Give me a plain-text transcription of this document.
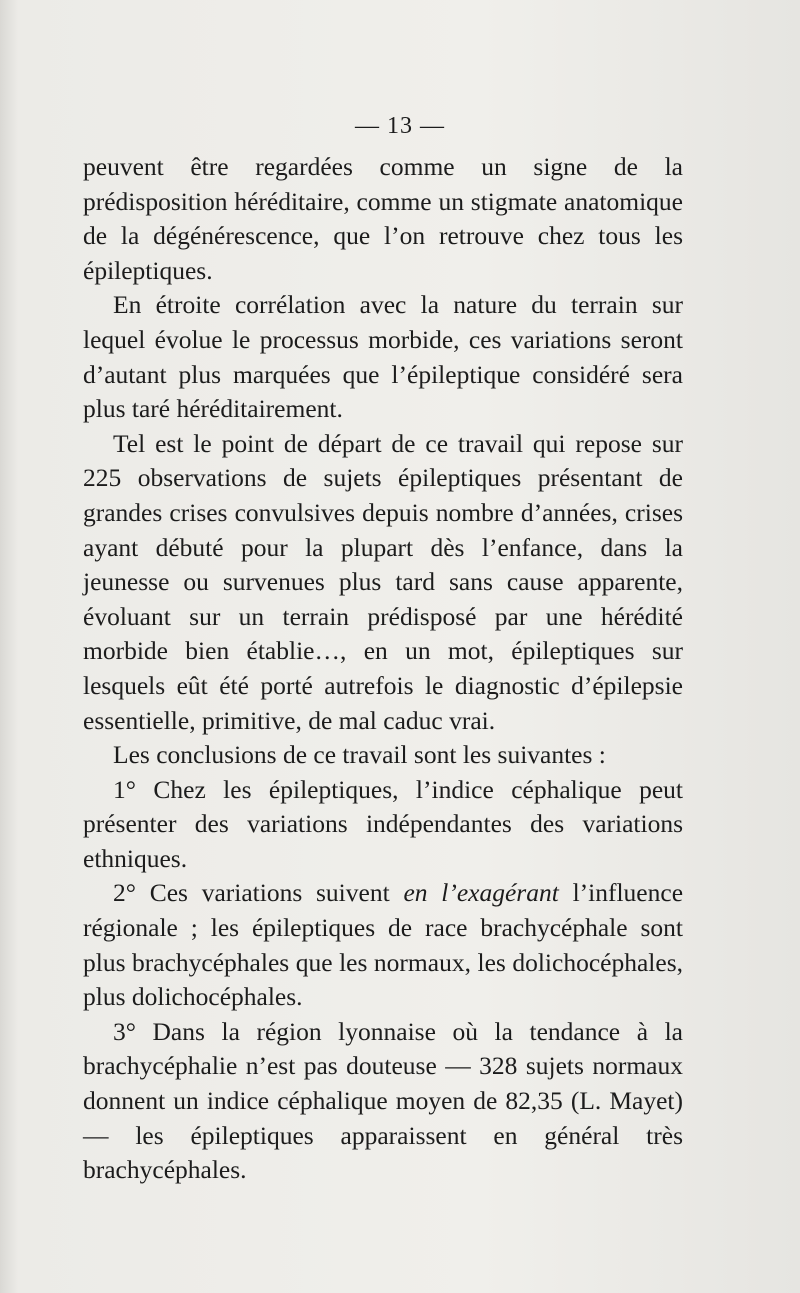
— 13 —

peuvent être regardées comme un signe de la prédisposition héréditaire, comme un stigmate anatomique de la dégénérescence, que l’on retrouve chez tous les épileptiques.

En étroite corrélation avec la nature du terrain sur lequel évolue le processus morbide, ces variations seront d’autant plus marquées que l’épileptique considéré sera plus taré héréditairement.

Tel est le point de départ de ce travail qui repose sur 225 observations de sujets épileptiques présentant de grandes crises convulsives depuis nombre d’années, crises ayant débuté pour la plupart dès l’enfance, dans la jeunesse ou survenues plus tard sans cause apparente, évoluant sur un terrain prédisposé par une hérédité morbide bien établie…, en un mot, épileptiques sur lesquels eût été porté autrefois le diagnostic d’épilepsie essentielle, primitive, de mal caduc vrai.

Les conclusions de ce travail sont les suivantes :

1° Chez les épileptiques, l’indice céphalique peut présenter des variations indépendantes des variations ethniques.

2° Ces variations suivent en l’exagérant l’influence régionale ; les épileptiques de race brachycéphale sont plus brachycéphales que les normaux, les dolichocéphales, plus dolichocéphales.

3° Dans la région lyonnaise où la tendance à la brachycéphalie n’est pas douteuse — 328 sujets normaux donnent un indice céphalique moyen de 82,35 (L. Mayet) — les épileptiques apparaissent en général très brachycéphales.
